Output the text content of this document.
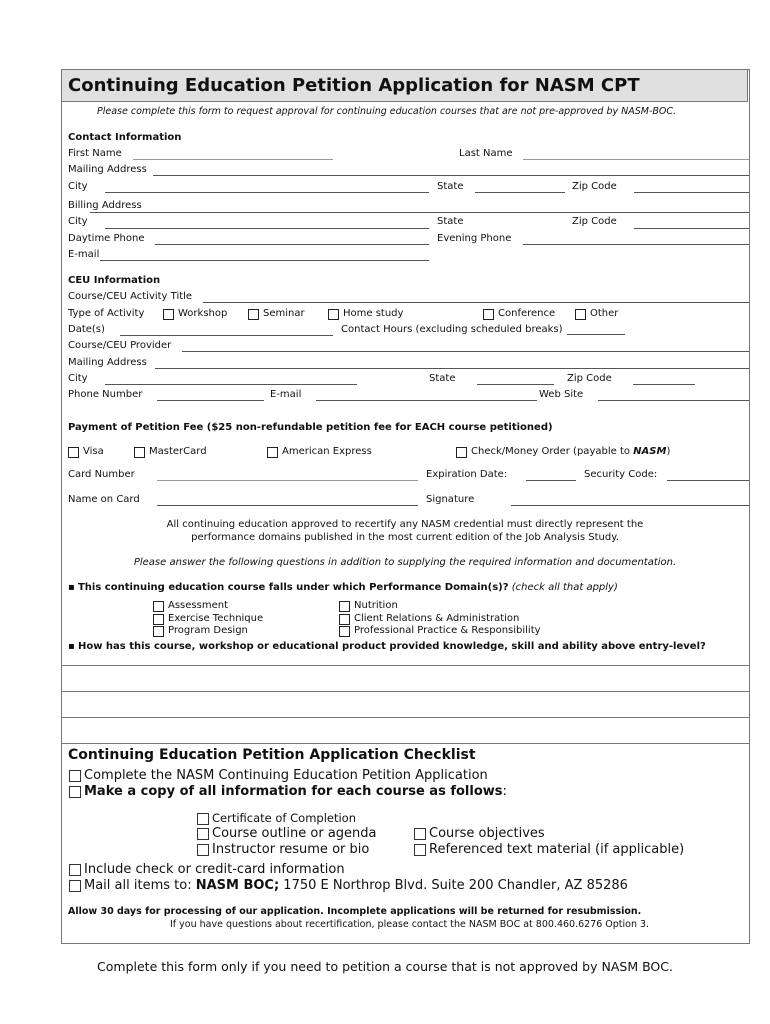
Continuing Education Petition Application for NASM CPT
Please complete this form to request approval for continuing education courses that are not pre-approved by NASM-BOC.
Contact Information
First Name	Last Name
Mailing Address
City	State	Zip Code
Billing Address
City	State	Zip Code
Daytime Phone	Evening Phone
E-mail
CEU Information
Course/CEU Activity Title
Type of Activity	Workshop	Seminar	Home study	Conference	Other
Date(s)	Contact Hours (excluding scheduled breaks)
Course/CEU Provider
Mailing Address
City	State	Zip Code
Phone Number	E-mail	Web Site
Payment of Petition Fee ($25 non-refundable petition fee for EACH course petitioned)
Visa	MasterCard	American Express	Check/Money Order (payable to NASM)
Card Number	Expiration Date:	Security Code:
Name on Card	Signature
All continuing education approved to recertify any NASM credential must directly represent the
performance domains published in the most current edition of the Job Analysis Study.
Please answer the following questions in addition to supplying the required information and documentation.
▪ This continuing education course falls under which Performance Domain(s)? (check all that apply)
Assessment
Exercise Technique
Program Design
Nutrition
Client Relations & Administration
Professional Practice & Responsibility
▪ How has this course, workshop or educational product provided knowledge, skill and ability above entry-level?
Continuing Education Petition Application Checklist
Complete the NASM Continuing Education Petition Application
Make a copy of all information for each course as follows:
Certificate of Completion
Course outline or agenda
Instructor resume or bio
Course objectives
Referenced text material (if applicable)
Include check or credit-card information
Mail all items to: NASM BOC; 1750 E Northrop Blvd. Suite 200 Chandler, AZ 85286
Allow 30 days for processing of our application. Incomplete applications will be returned for resubmission.
If you have questions about recertification, please contact the NASM BOC at 800.460.6276 Option 3.
Complete this form only if you need to petition a course that is not approved by NASM BOC.
